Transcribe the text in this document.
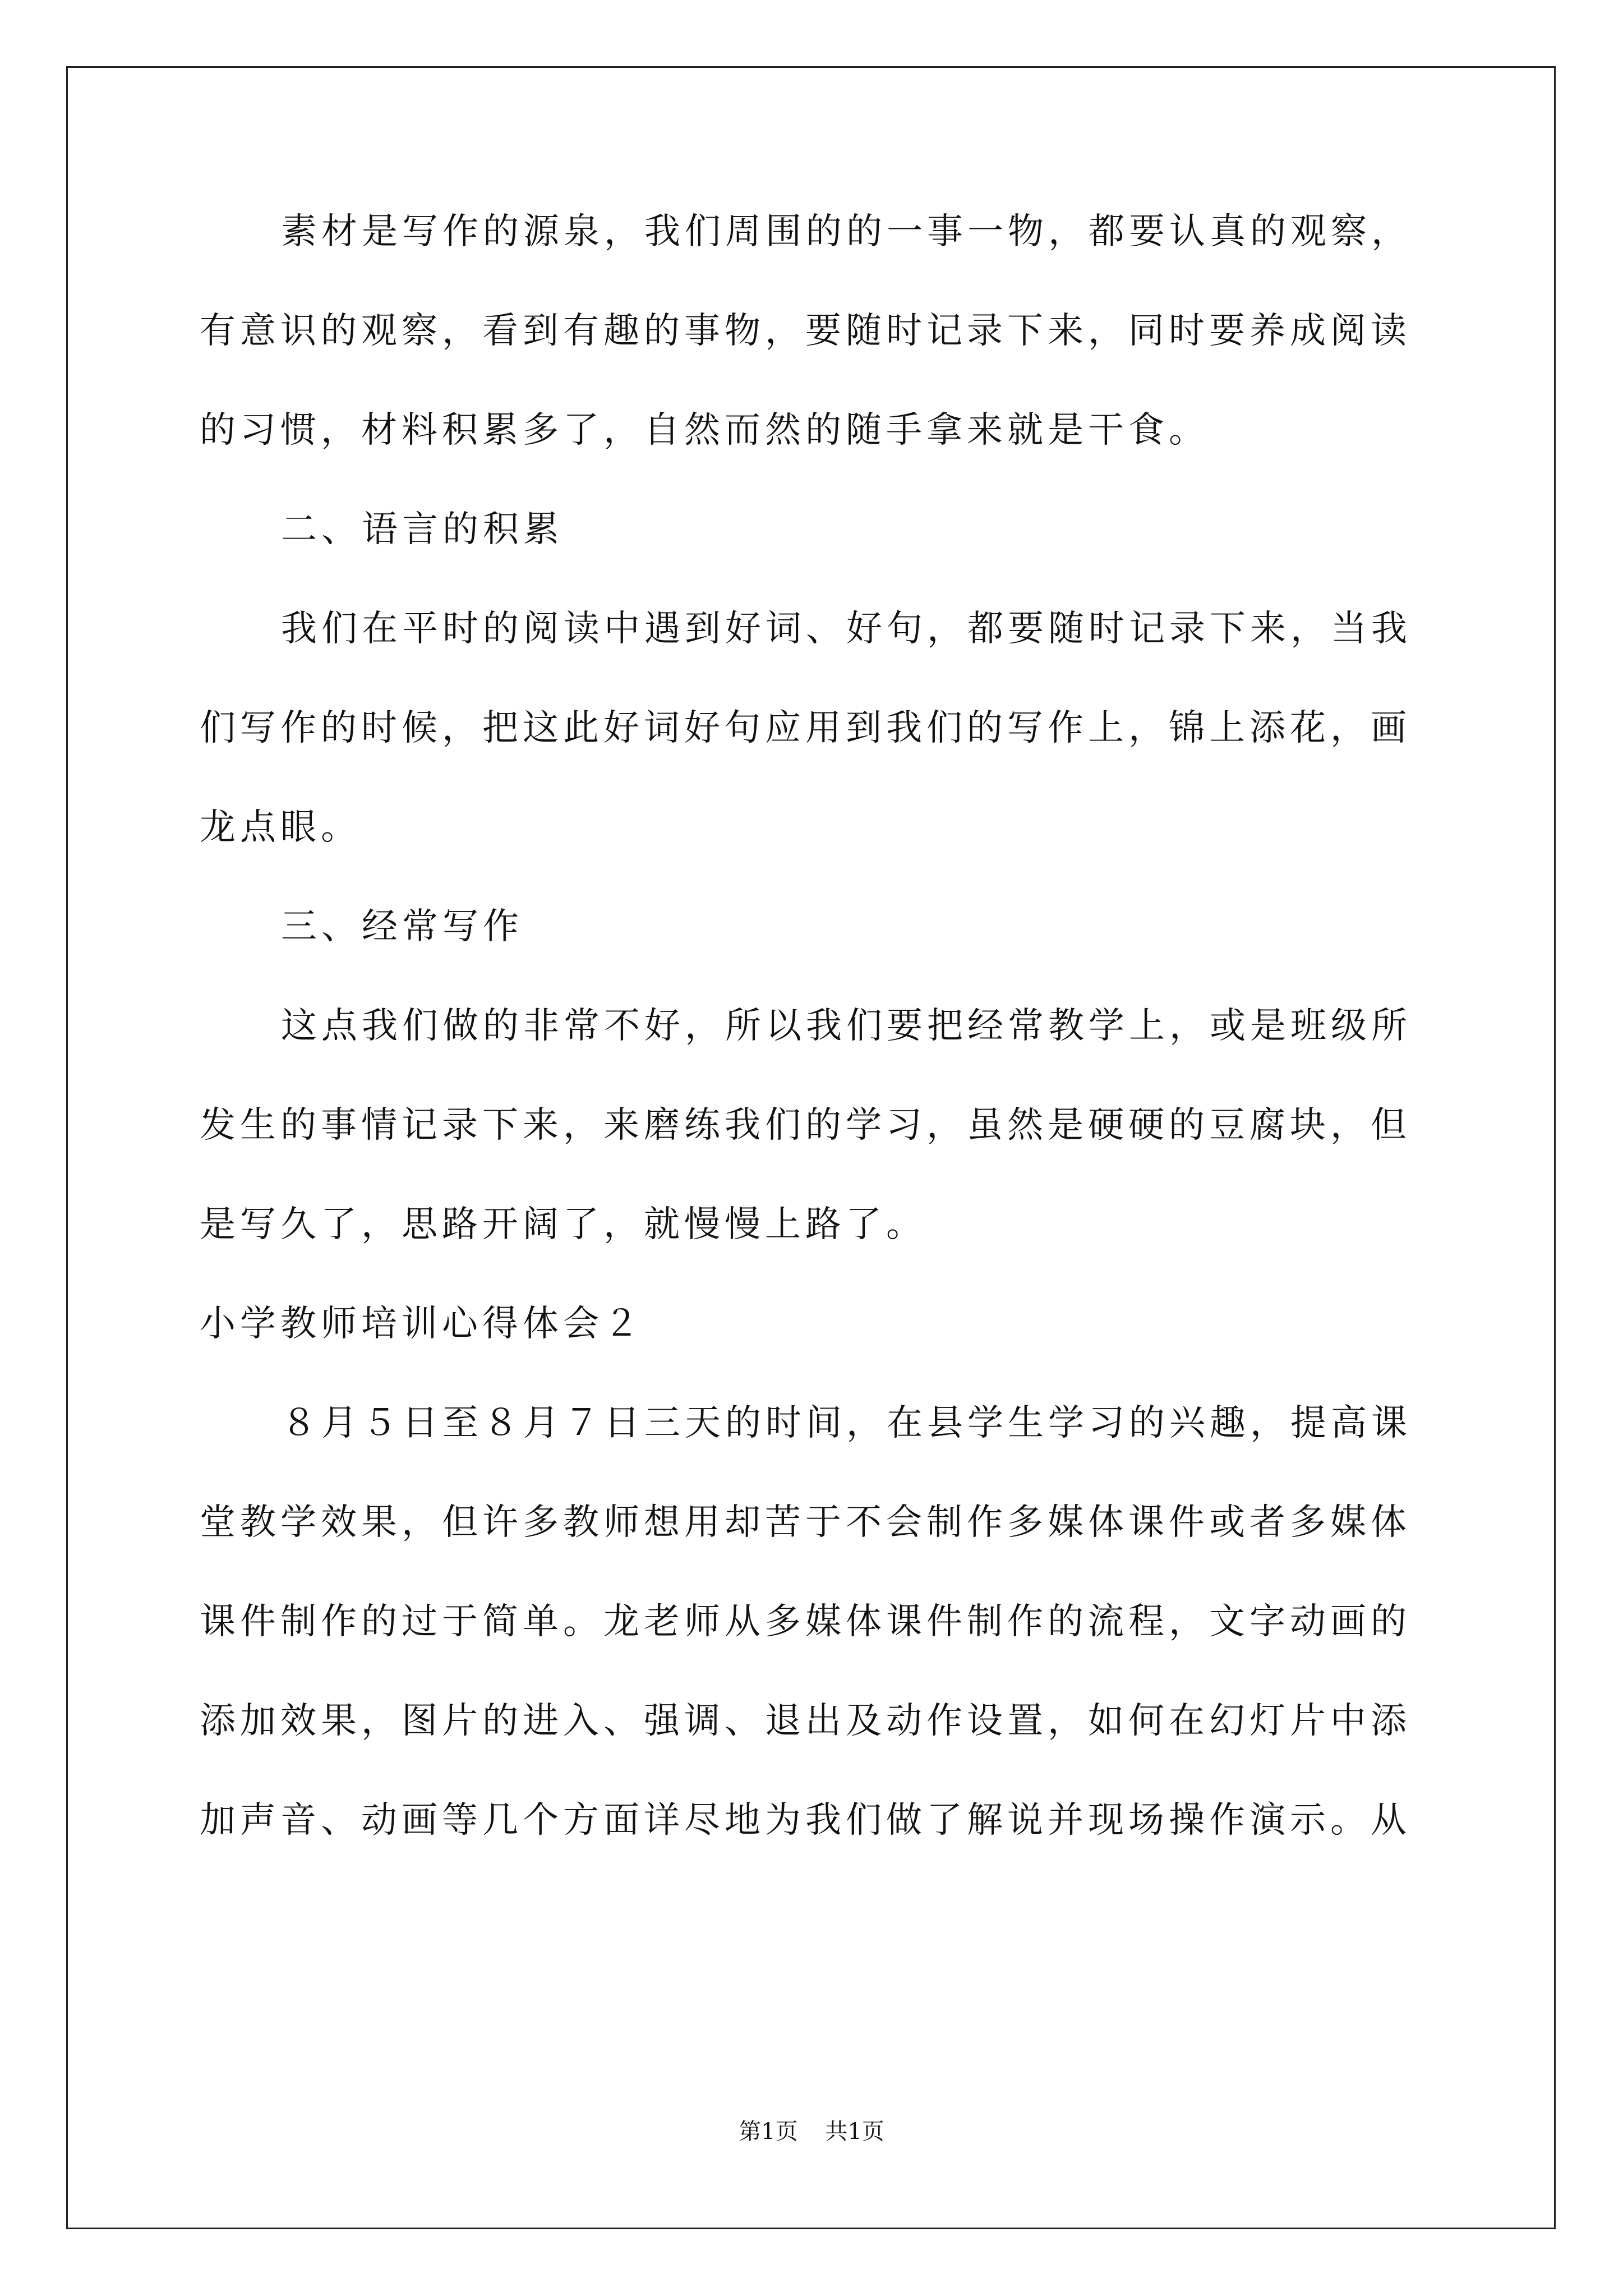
素材是写作的源泉，我们周围的的一事一物，都要认真的观察，
有意识的观察，看到有趣的事物，要随时记录下来，同时要养成阅读
的习惯，材料积累多了，自然而然的随手拿来就是干食。
二、语言的积累
我们在平时的阅读中遇到好词、好句，都要随时记录下来，当我
们写作的时候，把这此好词好句应用到我们的写作上，锦上添花，画
龙点眼。
三、经常写作
这点我们做的非常不好，所以我们要把经常教学上，或是班级所
发生的事情记录下来，来磨练我们的学习，虽然是硬硬的豆腐块，但
是写久了，思路开阔了，就慢慢上路了。
小学教师培训心得体会２
８月５日至８月７日三天的时间，在县学生学习的兴趣，提高课
堂教学效果，但许多教师想用却苦于不会制作多媒体课件或者多媒体
课件制作的过于简单。龙老师从多媒体课件制作的流程，文字动画的
添加效果，图片的进入、强调、退出及动作设置，如何在幻灯片中添
加声音、动画等几个方面详尽地为我们做了解说并现场操作演示。从
第1页 共1页
